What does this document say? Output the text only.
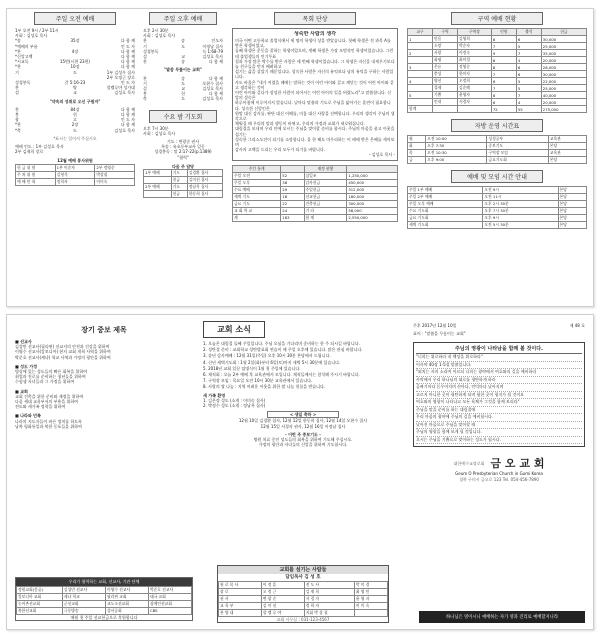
주일 오전 예배
1부 오전 9시 / 2부 11시
사회 : 김성호 목사
*송	35장	다 함 께
*예배의 부름	인 도 자
*찬	4장	다 함 께
*신앙고백	다 함 께
*시교독	15번(시편 23편)	다 함 께
*찬	10장	다 함 께
기	도	1부 김성우 집사
2부 오정근 장로
성경봉독	갈 5:16-23	인 도 자
찬	양	할렐루야 성가대
설	교	김성호 목사
"약속의 성취로 오신 구원자"
찬	84장	다 함 께
봉	헌	다 함 께
광	고	인 도 자
*찬	2장	다 함 께
*축	도	김성호 목사
*표시는 일어서 주십시오
예배 인도 : 1부 김성호 목사
2부 김재희 장로
12월 예배 봉사위원
헌 금 위 원	1부 이순자	2부 정영순
주 차 위 원	김형석	박상철
예 배 안 내	정희자	이미숙
주일 오후 예배
오후 2시 30분
사회 : 김성호 목사
찬	송	인도자
기	도	이정남 집사
성경봉독	눅 1:68-79
설	교	김성호 목사
찬	송	다 함 께
"말씀 무릎이는 교회"
찬	송	다 함 께
기	도	오현수 집사
설	교	김성호 목사
봉	헌	다 함 께
축	도	김성호 목사
수요 밤 기도회
오후 7시 30분
사회 : 김성호 목사
기도 : 변광순 권사
특송 : 유초등부교사 일동
성경봉독 : 말 2:17-22(p.1389)
"협력"
다음 주 담당
1부 예배	기도	김경환 집사
	헌금	김미선 집사
2부 예배	기도	정남옥 집사
	헌금	한동희 집사
목회 단상
성숙한 사람의 생각
미국 어떤 고등학교 졸업식에서 세 명의 학생이 상을 받았습니다. 첫째 학생은 전 과목 A를 받은 학생이었고,
둘째 학생은 운동을 잘하는 학생이었으며, 셋째 학생은 가장 모범적인 학생이었습니다. 그런데 졸업생들의 인기투표
결과 가장 많은 박수를 받은 사람은 세 번째 학생이었습니다. 그 학생은 자신을 내세우기보다 늘 친구들을 먼저 배려하고
섬기는 삶을 살았기 때문입니다. 성숙한 사람은 자신의 유익보다 남의 유익을 구하는 사람입니다.
사도 바울은 "내가 어렸을 때에는 말하는 것이 어린 아이와 같고 깨닫는 것이 어린 아이와 같고 생각하는 것이
어린 아이와 같다가 장성한 사람이 되어서는 어린 아이의 일을 버렸노라"고 말씀합니다. 신앙의 성숙은
하루아침에 이루어지지 않습니다. 날마다 말씀과 기도로 주님을 닮아가는 훈련이 필요합니다. 성숙한 신앙인은
원망 대신 감사를, 판단 대신 이해를, 미움 대신 사랑을 선택합니다. 우리의 생각이 주님의 생각으로
채워질 때 우리의 말과 행동이 바뀌고, 우리의 가정과 교회가 새로워집니다.
대림절을 보내며 우리 안에 오시는 주님을 맞이할 준비를 합시다. 주님의 마음을 품고 이웃을 섬기는
성숙한 그리스도인이 되기를 소망합니다. 올 한 해도 마무리하는 이 때에 받은 은혜를 세어보며
감사의 고백을 드리는 우리 모두가 되기를 바랍니다.
- 김성호 목사 -
주간 통계		재정 현황	
주일 오전	52	십일조	1,250,000
주일 오후	38	감사헌금	450,000
수요 예배	29	주일헌금	312,000
새벽 기도	18	선교헌금	180,000
금요 기도	22	건축헌금	300,000
교 회 학 교	24	기 타	58,000
계	183	합 계	2,550,000
구역 예배 현황
교구	구역	구역장	인원	출석	헌금
1	믿음	김영희	8	6	30,000
	소망	박순자	7	5	25,000
2	사랑	이정숙	9	7	35,000
	화평	최미경	6	4	20,000
3	온유	정영순	8	6	28,000
	충성	한미자	7	6	30,000
4	양선	오정희	6	5	22,000
	절제	김순례	7	5	25,000
5	기쁨	윤영자	8	7	40,000
	인내	서경자	6	4	20,000
합계			72	55	275,000
자방 운영 시간표
월	오전 10:00	성경공부	교육관
화	오후 7:30	중보기도	본당
목	오전 10:30	구역장 모임	교육관
금	오후 9:00	금요기도회	본당
예배 및 모임 시간 안내
주일 1부 예배	오전 9시	본당
주일 2부 예배	오전 11시	본당
주일 오후 예배	오후 2시 30분	본당
수요 기도회	오후 7시 30분	본당
금요 기도회	오후 9시	본당
새벽 기도회	오전 5시 30분	본당
장기 중보 제목
■ 선교사
김성민 선교사(필리핀) 선교지의 안전과 건강을 위하여
이영수 선교사(캄보디아) 현지 교회 개척 사역을 위하여
박준호 선교사(케냐) 학교 사역과 가정의 평안을 위하여
■ 성도 가정
병상에 있는 성도들의 빠른 회복을 위하여
취업과 진로를 준비하는 청년들을 위하여
수험생 자녀들과 그 가정을 위하여
■ 교회
교회 건축을 위한 준비와 재정을 위하여
다음 세대 교육부서의 부흥을 위하여
전도와 새가족 정착을 위하여
■ 나라와 민족
나라의 지도자들이 바른 정치를 하도록
남북 평화통일과 북한 동포들을 위하여
우리가 협력하는 교회, 선교사, 기관 단체
정원교회(몽골)	김성민 선교사	이영수 선교사	박준호 선교사
캄보디아 교회	케냐 학교	필리핀 교회	태국 교회
농어촌선교회	군선교회	교도소선교회	장애인선교회
북한선교회	극동방송	성서공회	CBS
매월 첫 주일 선교헌금으로 후원합니다
교회 소식
1. 오늘은 대림절 둘째 주일입니다. 주님 오심을 기다리며 준비하는 한 주 되시길 바랍니다.
2. 성탄절 준비 : 교회학교 성탄발표회 연습이 매 주일 오후에 있습니다. 많은 관심 바랍니다.
3. 송년 감사예배 : 12월 31일(주일) 오후 10시 30분 본당에서 드립니다.
4. 신년 새벽기도회 : 1월 2일(화)부터 6일(토)까지 새벽 5시 30분에 있습니다.
5. 2018년 교회 일꾼 임명식이 1월 첫 주일에 있습니다.
6. 제직회 : 오늘 2부 예배 후 교육관에서 모입니다. 제직들께서는 참석해 주시기 바랍니다.
7. 구역장 모임 : 목요일 오전 10시 30분 교육관에서 있습니다.
8. 사랑의 쌀 나눔 : 지역 어려운 이웃을 위한 쌀 나눔 헌물을 받습니다.
새 가족 환영
1. 김은정 성도 (소개 : 이미숙 집사)
2. 박정수 성도 (소개 : 정남옥 집사)
< 생일 축하 >
12월 10일 김경환 집사, 12월 12일 한동희 집사, 12월 14일 오현수 집사
12월 15일 서경자 권사, 12월 16일 이정남 집사
- 이번 주 중보기도 -
병원 치료 중인 성도들의 회복을 위하여 기도해 주십시오.
가정의 평안과 자녀들의 신앙을 위하여 기도합시다.
교회를 섬기는 사람들
담임목사 김 성 호
원 로 목 사	이 정 훈	전 도 사	박 미 경
장 로	오 정 근	김 재 희	최 영 민
권 사	변 광 순	서 경 자	윤 영 자
교 육 부	김 미 선	정 희 자	이 미 숙
찬 양 대	할 렐 루 야	지휘 박 상 철	
교회 사무실 : 031-123-4567
주후 2017년 12월 10일	제 48 호
표어 : "말씀을 무릎이는 교회"
주님의 영광이 나타남을 함께 볼 것이다.
"너희는 위로하라 내 백성을 위로하라"
이사야 40장 1-5절 말씀입니다.
"외치는 자의 소리여 이르되 너희는 광야에서 여호와의 길을 예비하라
사막에서 우리 하나님의 대로를 평탄하게 하라
골짜기마다 돋우어지며 산마다, 언덕마다 낮아지며
고르지 아니한 곳이 평탄하게 되며 험한 곳이 평지가 될 것이요
여호와의 영광이 나타나고 모든 육체가 그것을 함께 보리라"
주님을 맞을 준비를 하는 대림절에
우리 마음의 광야에 주님의 길을 예비합시다.
낮아진 마음으로 주님을 맞이할 때
주님의 영광을 함께 보게 될 것입니다.
오시는 주님을 기쁨으로 맞이하는 성도가 됩시다.
대한예수교장로회 금 오 교 회
Geum O Presbyterian Church in Gumi Korea
경북 구미시 금오로 123 Tel. 054-456-7890
하나님은 영이시니 예배하는 자가 영과 진리로 예배할지니라
